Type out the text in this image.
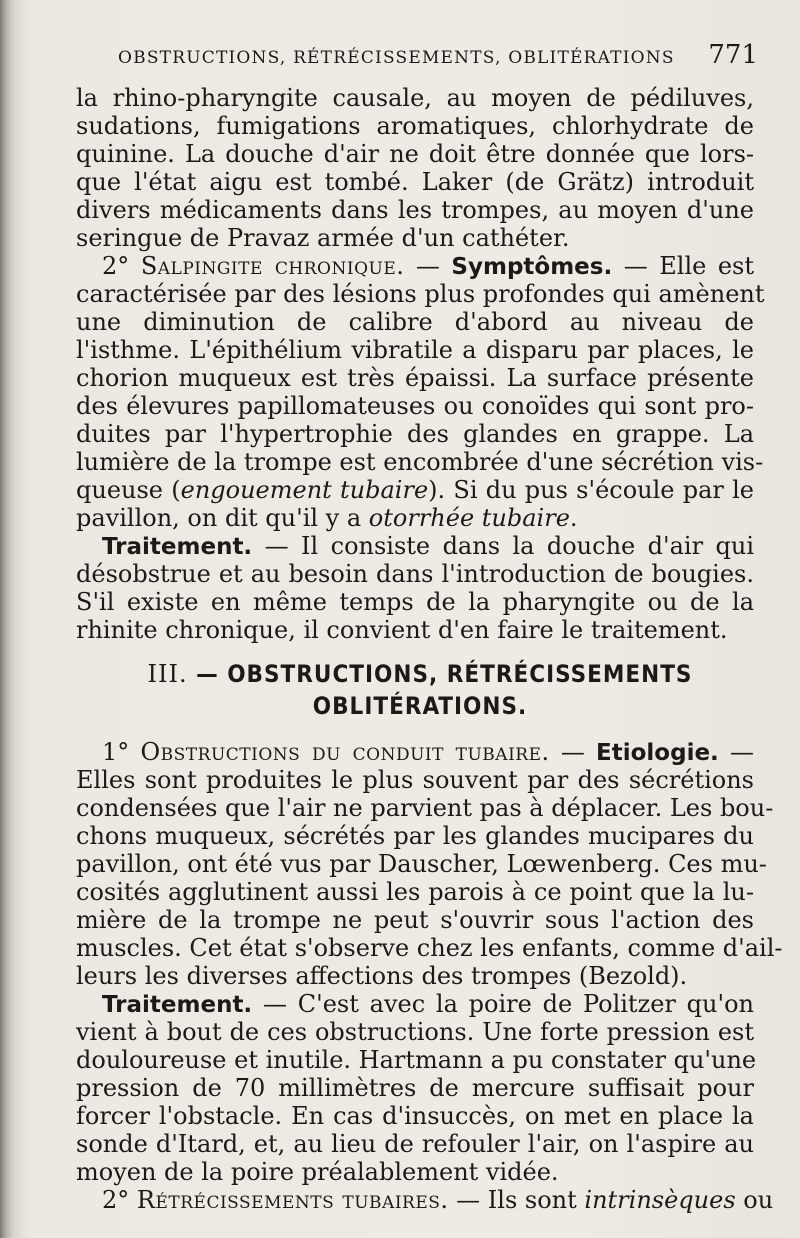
OBSTRUCTIONS, RÉTRÉCISSEMENTS, OBLITÉRATIONS 771
la rhino-pharyngite causale, au moyen de pédiluves,
sudations, fumigations aromatiques, chlorhydrate de
quinine. La douche d'air ne doit être donnée que lors-
que l'état aigu est tombé. Laker (de Grätz) introduit
divers médicaments dans les trompes, au moyen d'une
seringue de Pravaz armée d'un cathéter.
2° Salpingite chronique. — Symptômes. — Elle est
caractérisée par des lésions plus profondes qui amènent
une diminution de calibre d'abord au niveau de
l'isthme. L'épithélium vibratile a disparu par places, le
chorion muqueux est très épaissi. La surface présente
des élevures papillomateuses ou conoïdes qui sont pro-
duites par l'hypertrophie des glandes en grappe. La
lumière de la trompe est encombrée d'une sécrétion vis-
queuse (engouement tubaire). Si du pus s'écoule par le
pavillon, on dit qu'il y a otorrhée tubaire.
Traitement. — Il consiste dans la douche d'air qui
désobstrue et au besoin dans l'introduction de bougies.
S'il existe en même temps de la pharyngite ou de la
rhinite chronique, il convient d'en faire le traitement.
III. — OBSTRUCTIONS, RÉTRÉCISSEMENTS
OBLITÉRATIONS.
1° Obstructions du conduit tubaire. — Etiologie. —
Elles sont produites le plus souvent par des sécrétions
condensées que l'air ne parvient pas à déplacer. Les bou-
chons muqueux, sécrétés par les glandes mucipares du
pavillon, ont été vus par Dauscher, Lœwenberg. Ces mu-
cosités agglutinent aussi les parois à ce point que la lu-
mière de la trompe ne peut s'ouvrir sous l'action des
muscles. Cet état s'observe chez les enfants, comme d'ail-
leurs les diverses affections des trompes (Bezold).
Traitement. — C'est avec la poire de Politzer qu'on
vient à bout de ces obstructions. Une forte pression est
douloureuse et inutile. Hartmann a pu constater qu'une
pression de 70 millimètres de mercure suffisait pour
forcer l'obstacle. En cas d'insuccès, on met en place la
sonde d'Itard, et, au lieu de refouler l'air, on l'aspire au
moyen de la poire préalablement vidée.
2° Rétrécissements tubaires. — Ils sont intrinsèques ou
